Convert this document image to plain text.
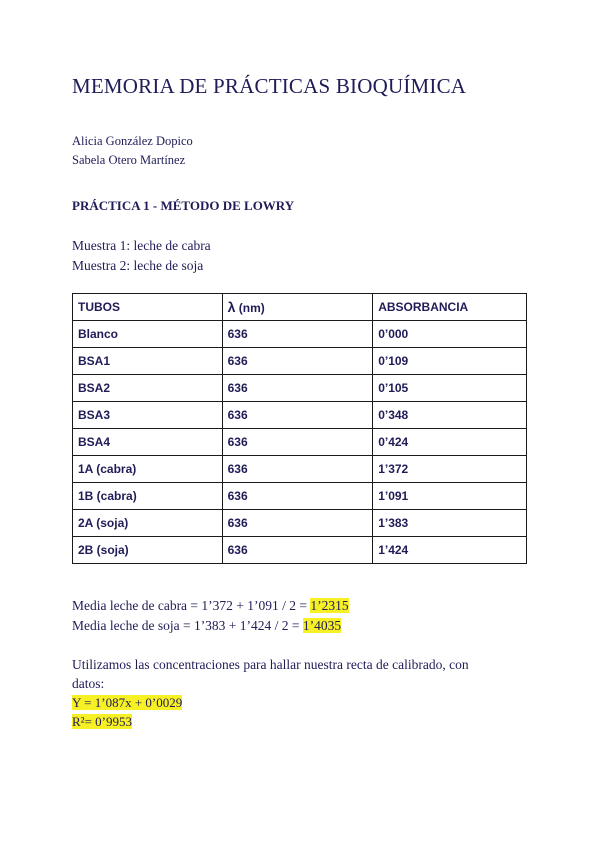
MEMORIA DE PRÁCTICAS BIOQUÍMICA
Alicia González Dopico
Sabela Otero Martínez
PRÁCTICA 1 - MÉTODO DE LOWRY
Muestra 1: leche de cabra
Muestra 2: leche de soja
TUBOS	λ (nm)	ABSORBANCIA
Blanco	636	0’000
BSA1	636	0’109
BSA2	636	0’105
BSA3	636	0’348
BSA4	636	0’424
1A (cabra)	636	1’372
1B (cabra)	636	1’091
2A (soja)	636	1’383
2B (soja)	636	1’424
Media leche de cabra = 1’372 + 1’091 / 2 = 1’2315
Media leche de soja = 1’383 + 1’424 / 2 = 1’4035
Utilizamos las concentraciones para hallar nuestra recta de calibrado, con
datos:
Y = 1’087x + 0’0029
R²= 0’9953
